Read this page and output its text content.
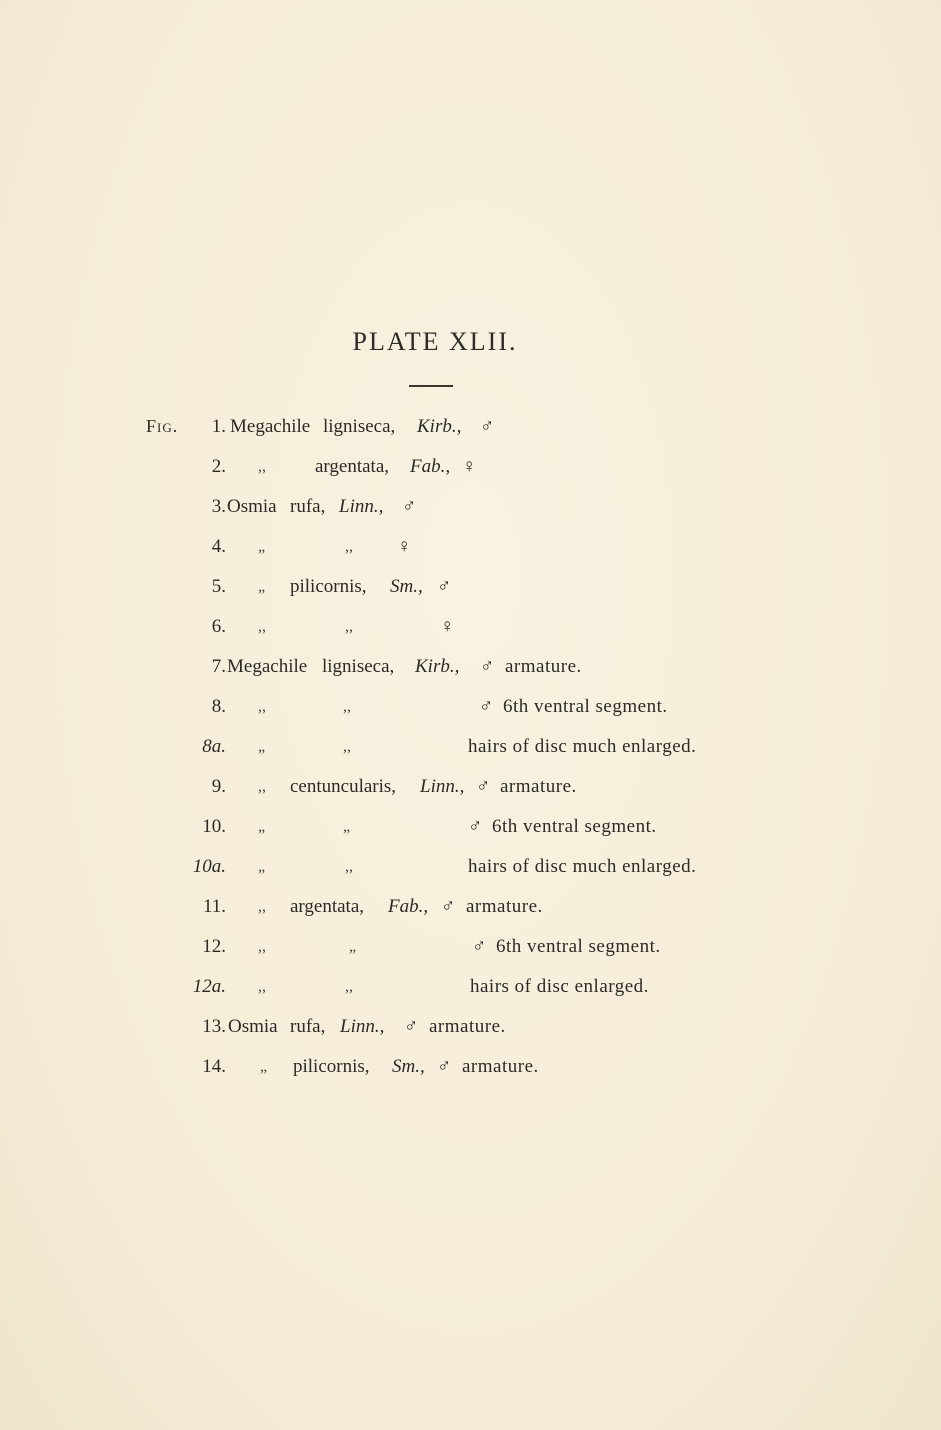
PLATE XLII.
Fig.	1. Megachile ligniseca, Kirb., ♂
2. ,,	argentata, Fab., ♀
3. Osmia rufa, Linn., ♂
4. „	,, ♀
5. „ pilicornis, Sm., ♂
6. ,,	,,	♀
7. Megachile ligniseca, Kirb., ♂ armature.
8. ,,	,,	♂ 6th ventral segment.
8a. „	,,	hairs of disc much enlarged.
9. ,, centuncularis, Linn., ♂ armature.
10. „	„	♂ 6th ventral segment.
10a. „	,,	hairs of disc much enlarged.
11. ,, argentata, Fab., ♂ armature.
12. ,,	„	♂ 6th ventral segment.
12a. ,,	,,	hairs of disc enlarged.
13. Osmia rufa, Linn., ♂ armature.
14. „ pilicornis, Sm., ♂ armature.
